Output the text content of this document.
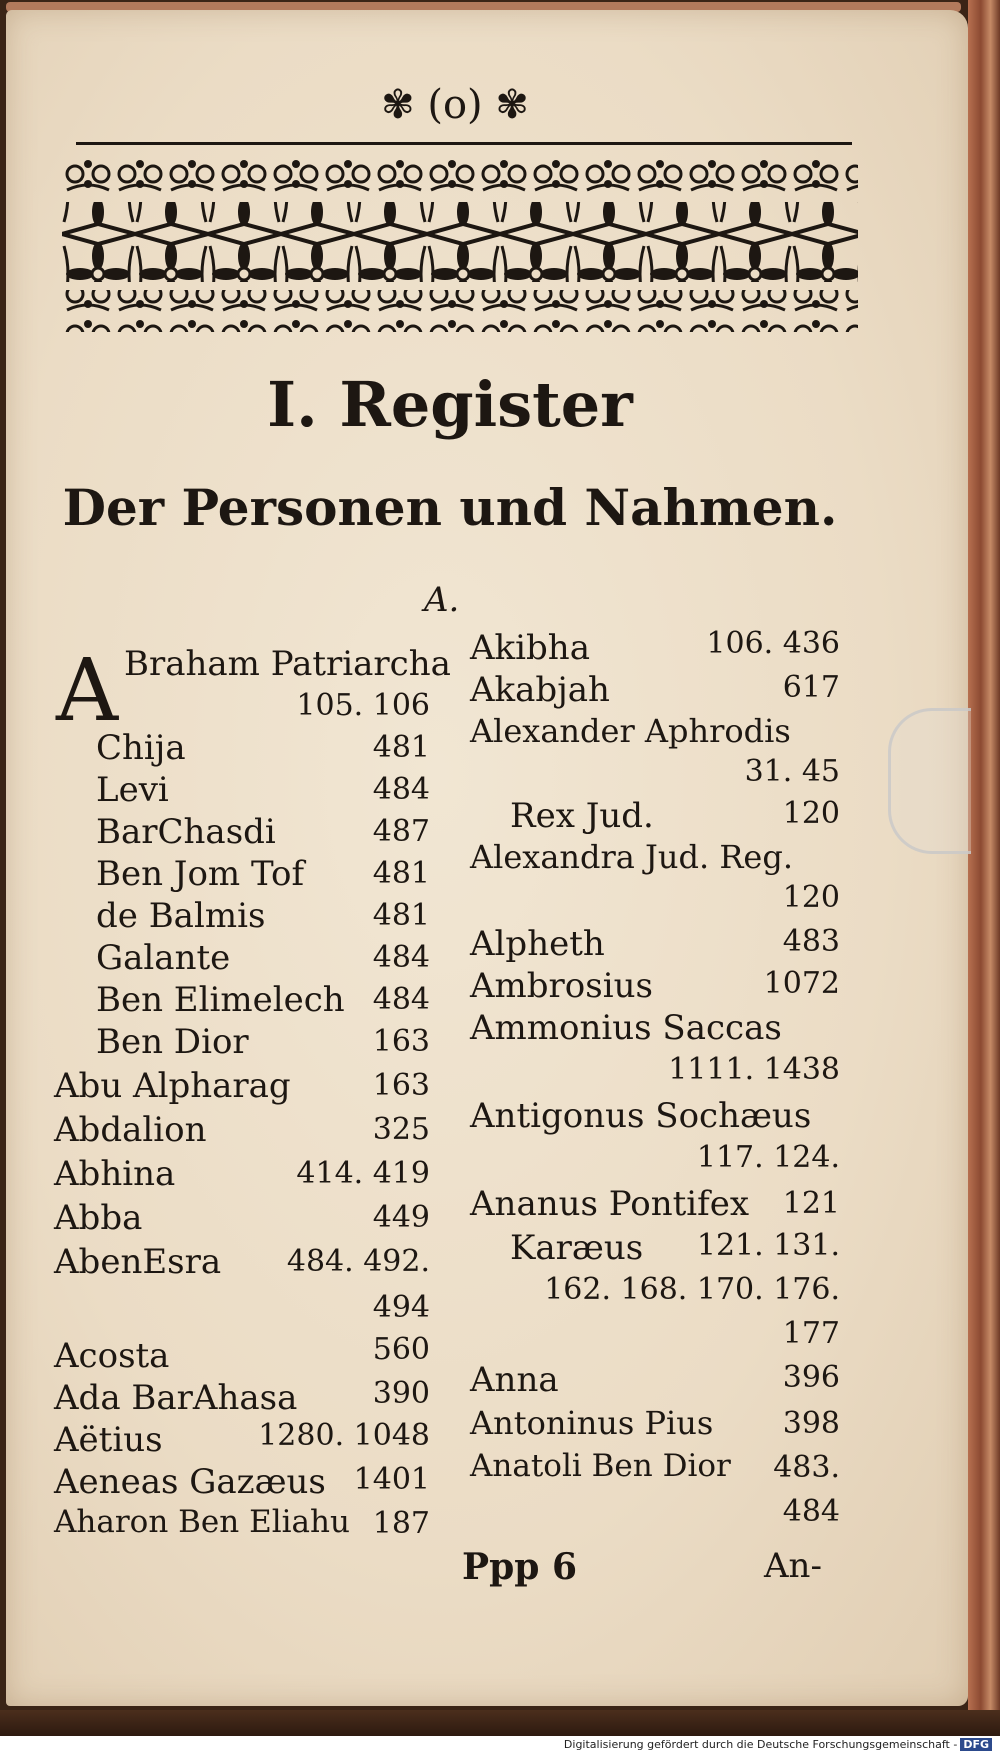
✾ (o) ✾
I. Register
Der Personen und Nahmen.
A.
A Braham Patriarcha
105. 106
Chija	481
Levi	484
BarChasdi	487
Ben Jom Tof	481
de Balmis	481
Galante	484
Ben Elimelech 484
Ben Dior	163
Abu Alpharag	163
Abdalion	325
Abhina	414. 419
Abba	449
AbenEsra	484. 492.
494
Acosta	560
Ada BarAhasa	390
Aëtius	1280. 1048
Aeneas Gazæus 1401
Aharon Ben Eliahu 187
Akibha	106. 436
Akabjah	617
Alexander Aphrodis
31. 45
Rex Jud.	120
Alexandra Jud. Reg.
120
Alpheth	483
Ambrosius	1072
Ammonius Saccas
1111. 1438
Antigonus Sochæus
117. 124.
Ananus Pontifex	121
Karæus	121. 131.
162. 168. 170. 176.
177
Anna	396
Antoninus Pius	398
Anatoli Ben Dior	483.
484
Ppp 6	An-
Digitalisierung gefördert durch die Deutsche Forschungsgemeinschaft - DFG
